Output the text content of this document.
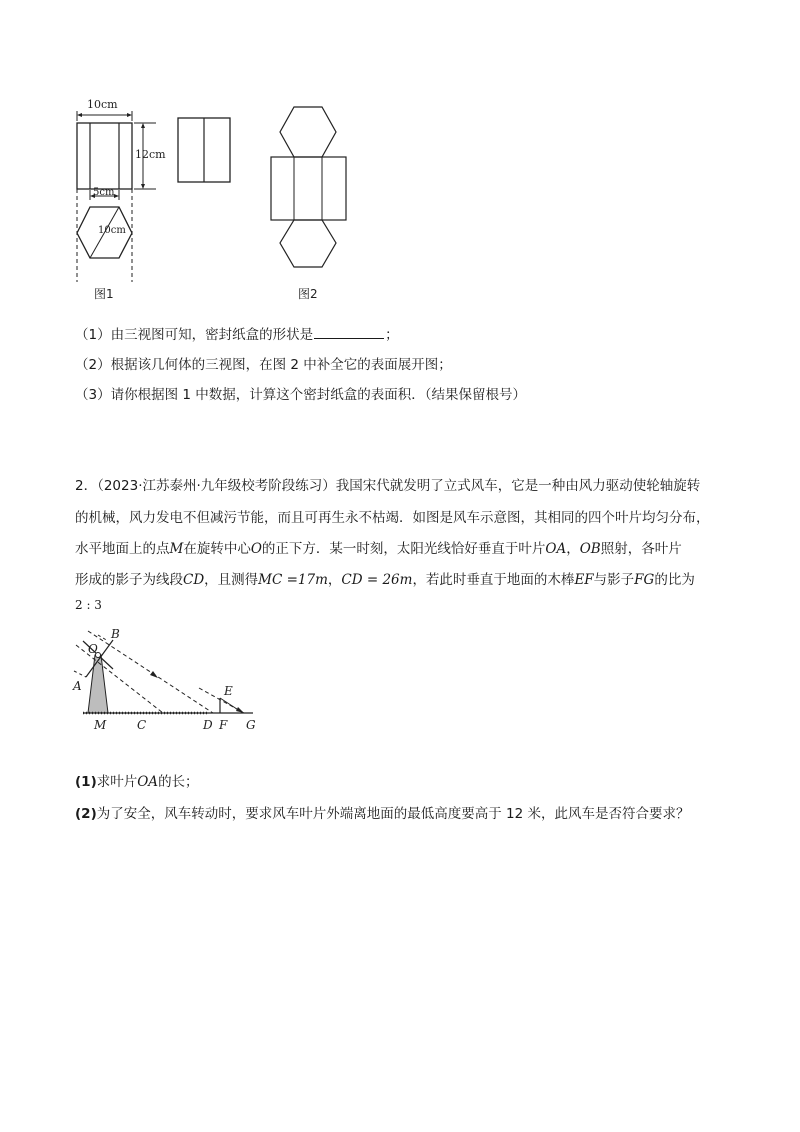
10cm
12cm
5cm
10cm
图1	图2
（1）由三视图可知，密封纸盒的形状是	；
（2）根据该几何体的三视图，在图 2 中补全它的表面展开图；
（3）请你根据图 1 中数据，计算这个密封纸盒的表面积．（结果保留根号）
2．（2023·江苏泰州·九年级校考阶段练习）我国宋代就发明了立式风车，它是一种由风力驱动使轮轴旋转
的机械，风力发电不但减污节能，而且可再生永不枯竭．如图是风车示意图，其相同的四个叶片均匀分布，
水平地面上的点M在旋转中心O的正下方．某一时刻，太阳光线恰好垂直于叶片OA，OB照射，各叶片
形成的影子为线段CD，且测得MC =17m，CD = 26m，若此时垂直于地面的木棒EF与影子FG的比为
2 : 3
B
O
A	E
M	C	D F G
(1)求叶片OA的长；
(2)为了安全，风车转动时，要求风车叶片外端离地面的最低高度要高于 12 米，此风车是否符合要求？
